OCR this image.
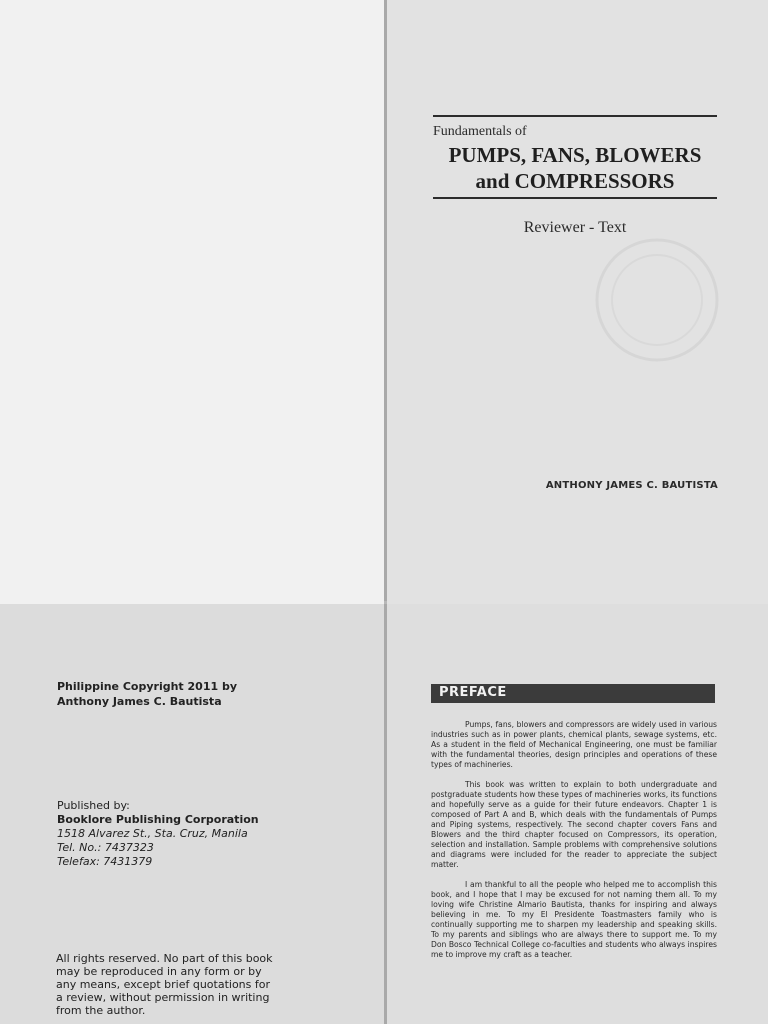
Fundamentals of
PUMPS, FANS, BLOWERS
and COMPRESSORS
Reviewer - Text
ANTHONY JAMES C. BAUTISTA
Philippine Copyright 2011 by
Anthony James C. Bautista
Published by:
Booklore Publishing Corporation
1518 Alvarez St., Sta. Cruz, Manila
Tel. No.: 7437323
Telefax: 7431379
All rights reserved. No part of this book may be reproduced in any form or by any means, except brief quotations for a review, without permission in writing from the author.
PREFACE

Pumps, fans, blowers and compressors are widely used in various industries such as in power plants, chemical plants, sewage systems, etc. As a student in the field of Mechanical Engineering, one must be familiar with the fundamental theories, design principles and operations of these types of machineries.

This book was written to explain to both undergraduate and postgraduate students how these types of machineries works, its functions and hopefully serve as a guide for their future endeavors. Chapter 1 is composed of Part A and B, which deals with the fundamentals of Pumps and Piping systems, respectively. The second chapter covers Fans and Blowers and the third chapter focused on Compressors, its operation, selection and installation. Sample problems with comprehensive solutions and diagrams were included for the reader to appreciate the subject matter.

I am thankful to all the people who helped me to accomplish this book, and I hope that I may be excused for not naming them all. To my loving wife Christine Almario Bautista, thanks for inspiring and always believing in me. To my El Presidente Toastmasters family who is continually supporting me to sharpen my leadership and speaking skills. To my parents and siblings who are always there to support me. To my Don Bosco Technical College co-faculties and students who always inspires me to improve my craft as a teacher.
